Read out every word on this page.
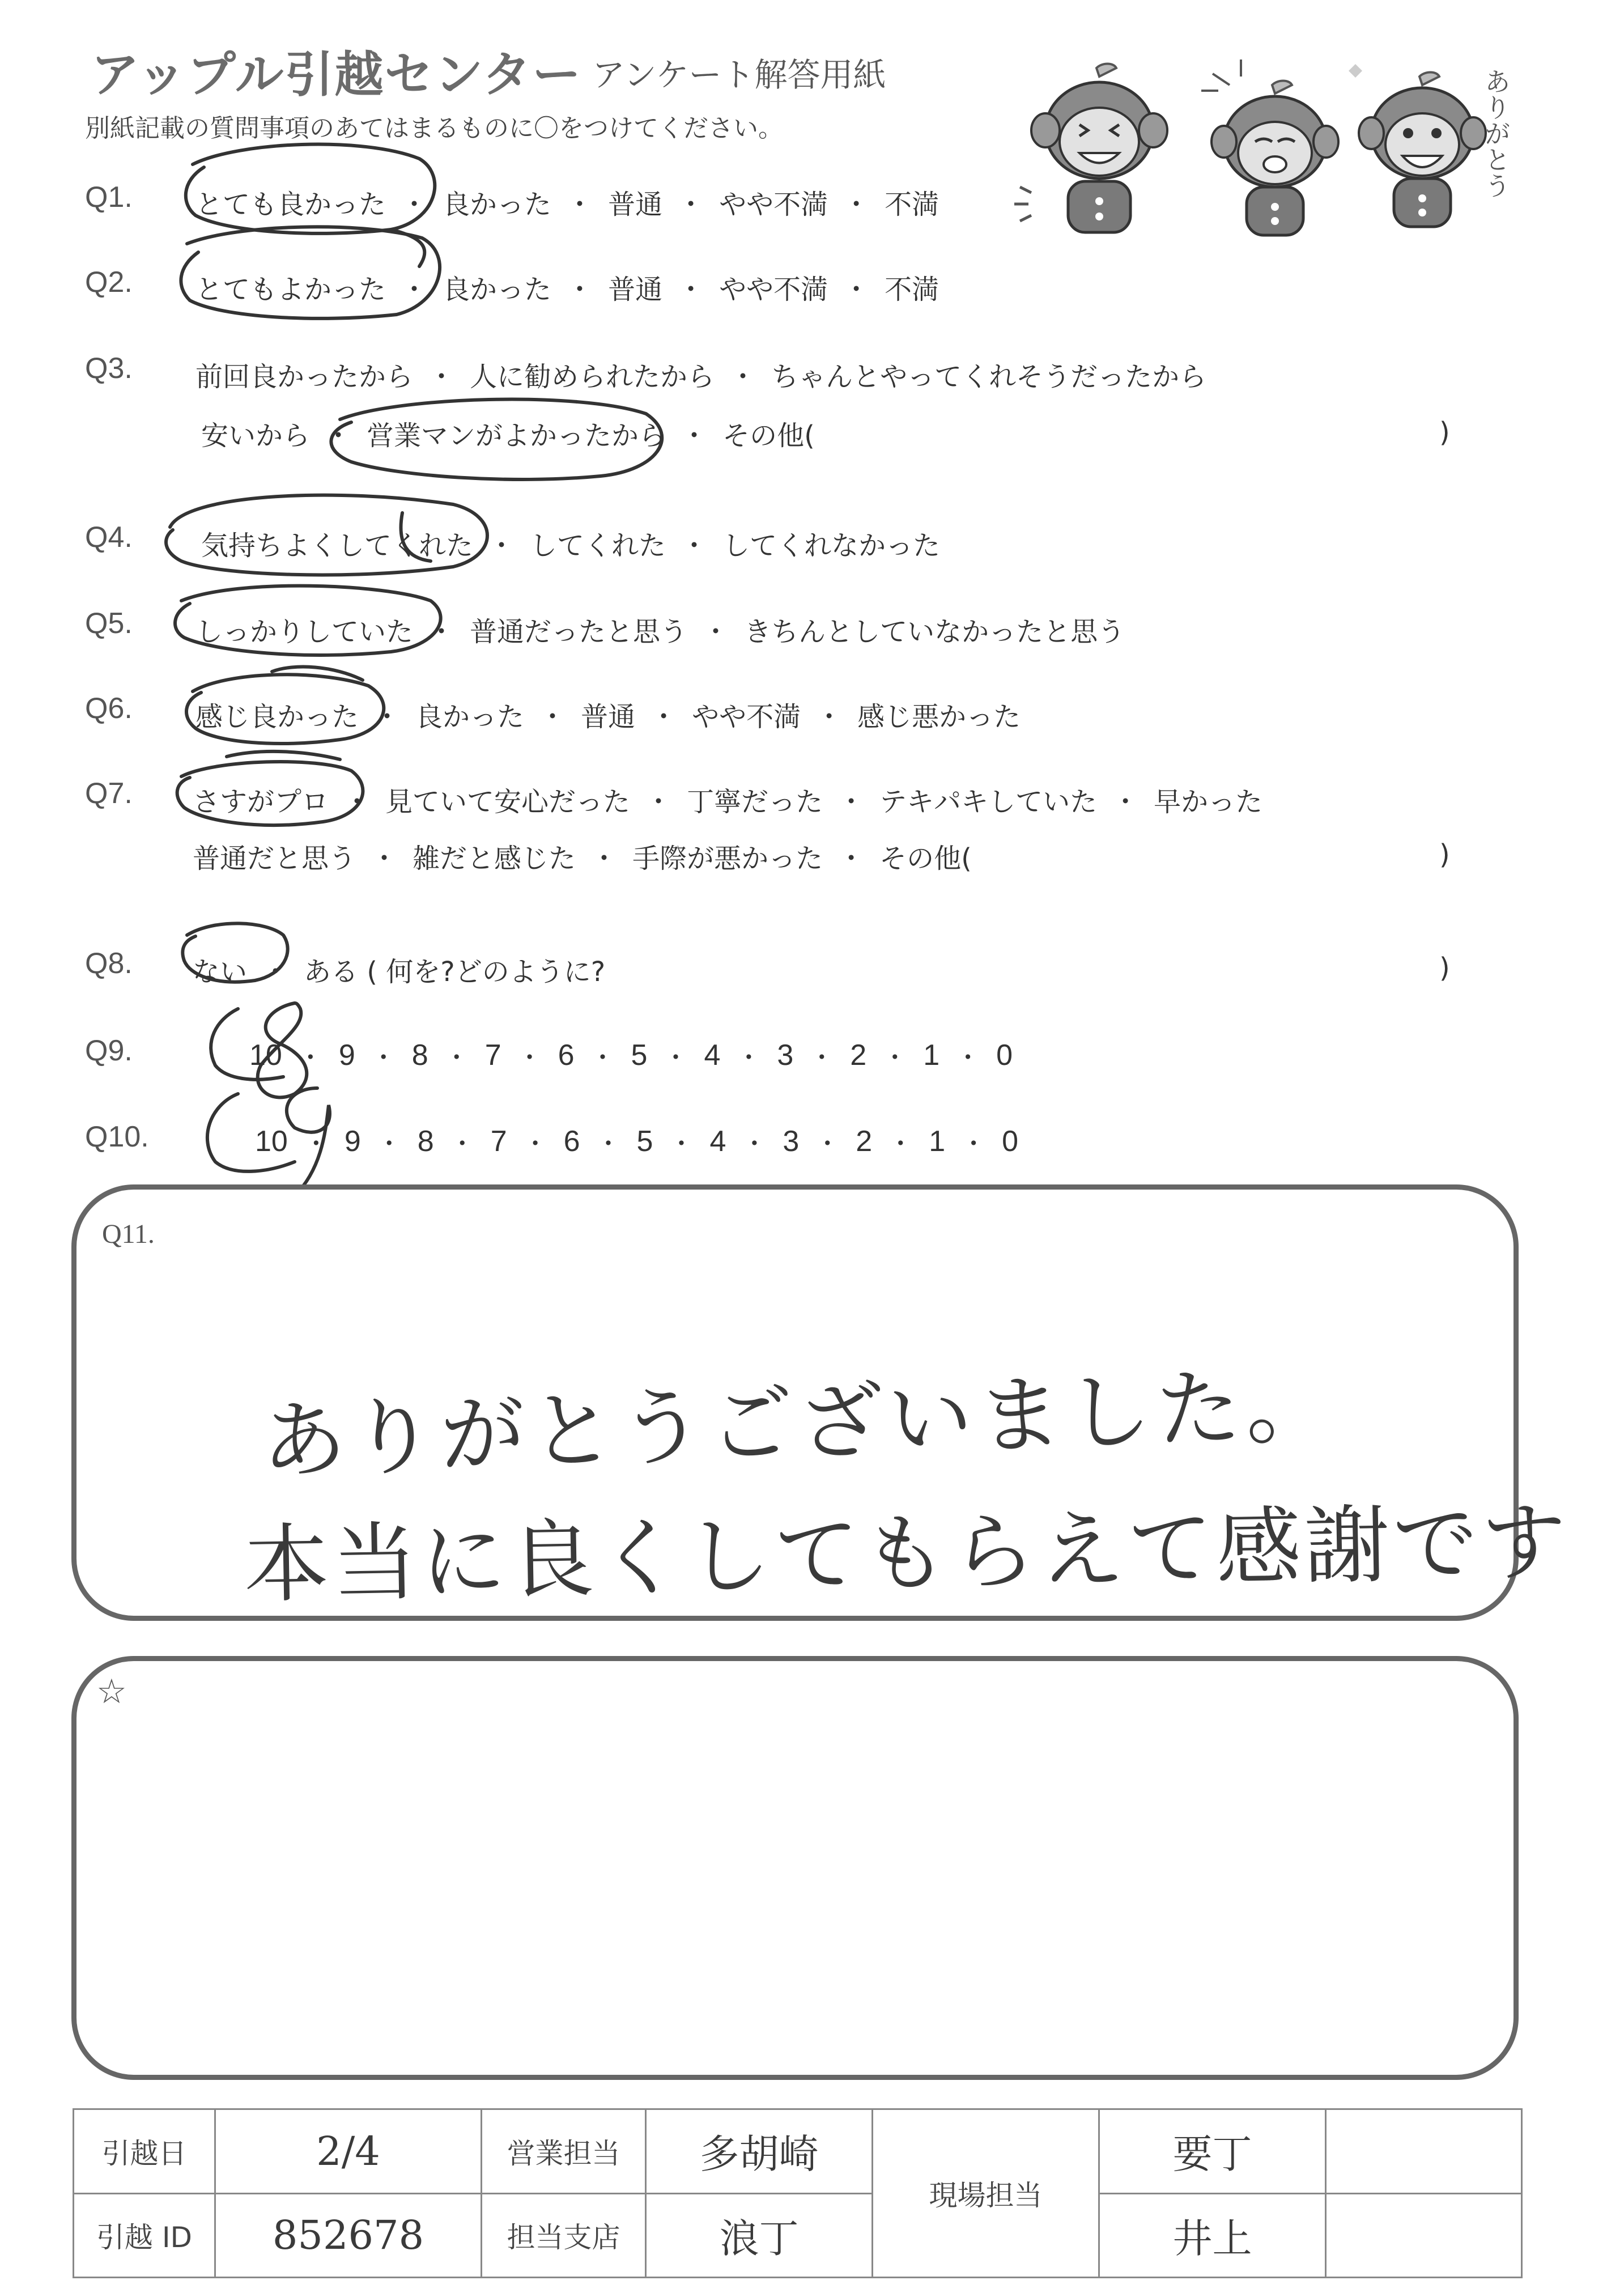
アップル引越センター アンケート解答用紙
別紙記載の質問事項のあてはまるものに〇をつけてください。	ありがとう
Q1. とても良かった ・ 良かった ・ 普通 ・ やや不満 ・ 不満
Q2. とてもよかった ・ 良かった ・ 普通 ・ やや不満 ・ 不満
Q3. 前回良かったから ・ 人に勧められたから ・ ちゃんとやってくれそうだったから
安いから ・ 営業マンがよかったから ・ その他(	)
Q4.	気持ちよくしてくれた ・ してくれた ・ してくれなかった
Q5. しっかりしていた ・ 普通だったと思う ・ きちんとしていなかったと思う
Q6. 感じ良かった ・ 良かった ・ 普通 ・ やや不満 ・ 感じ悪かった
Q7. さすがプロ ・ 見ていて安心だった ・ 丁寧だった ・ テキパキしていた ・ 早かった
普通だと思う ・ 雑だと感じた ・ 手際が悪かった ・ その他(	)
Q8. ない ・ ある ( 何を?どのように?	)
Q9.	10 ・ 9 ・ 8 ・ 7 ・ 6 ・ 5 ・ 4 ・ 3 ・ 2 ・ 1 ・ 0
Q10.	10 ・ 9 ・ 8 ・ 7 ・ 6 ・ 5 ・ 4 ・ 3 ・ 2 ・ 1 ・ 0
Q11.
ありがとうございました。
本当に良くしてもらえて感謝です
☆
引越日	2/4	営業担当	多胡崎	現場担当	要丁	
引越 ID	852678	担当支店	浪丁		井上	
